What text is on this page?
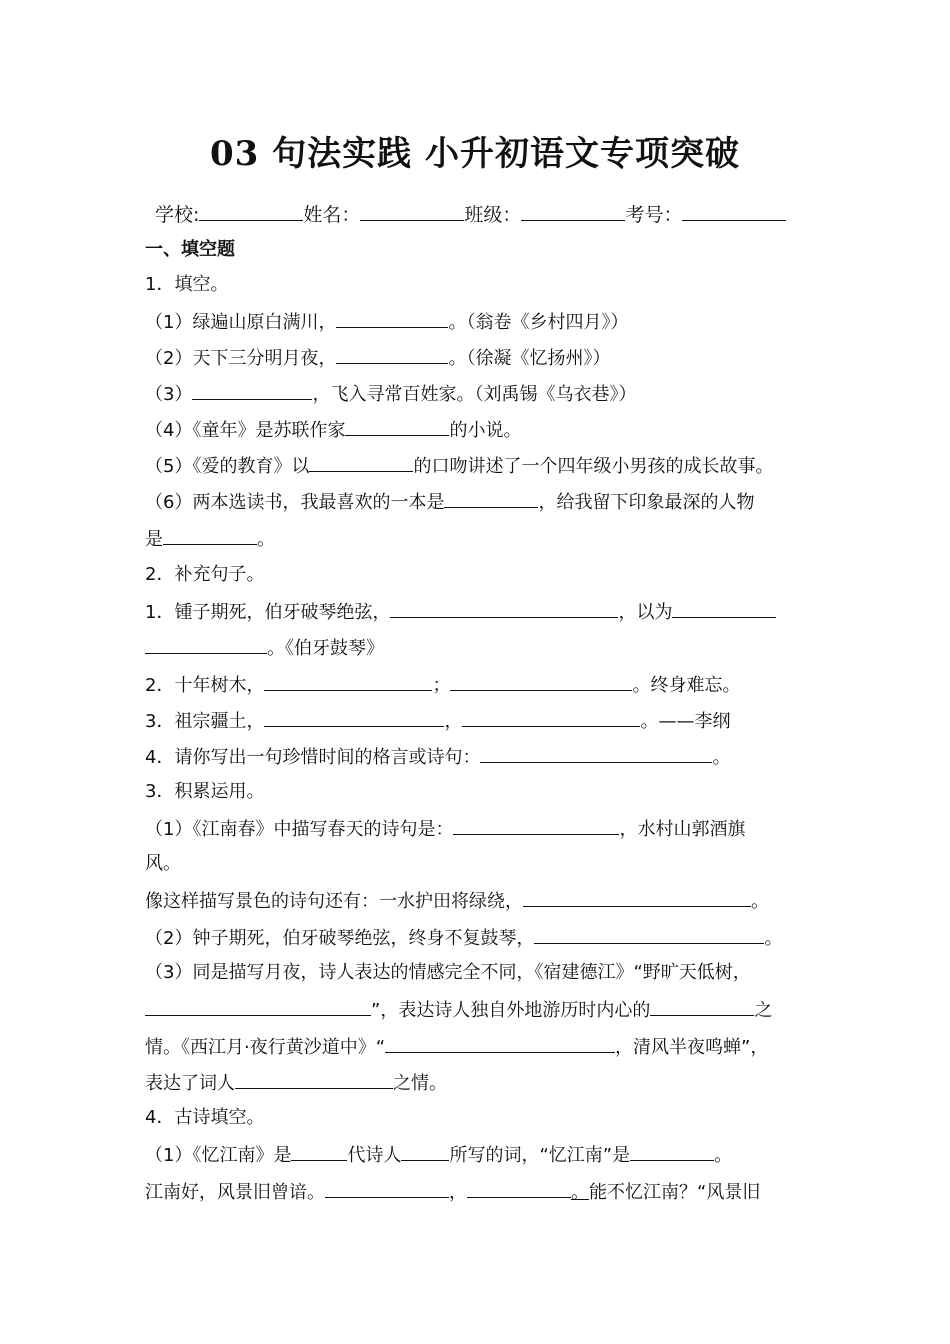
03 句法实践 小升初语文专项突破
学校:	姓名：	班级：	考号：
一、填空题
1．填空。
（1）绿遍山原白满川，	。（翁卷《乡村四月》）
（2）天下三分明月夜，	。（徐凝《忆扬州》）
（3）	，飞入寻常百姓家。（刘禹锡《乌衣巷》）
（4）《童年》是苏联作家	的小说。
（5）《爱的教育》以	的口吻讲述了一个四年级小男孩的成长故事。
（6）两本选读书，我最喜欢的一本是	，给我留下印象最深的人物
是	。
2．补充句子。
1．锺子期死，伯牙破琴绝弦，	，以为
。《伯牙鼓琴》
2．十年树木，	；	。终身难忘。
3．祖宗疆土，	，	。——李纲
4．请你写出一句珍惜时间的格言或诗句：	。
3．积累运用。
（1）《江南春》中描写春天的诗句是：	，水村山郭酒旗
风。
像这样描写景色的诗句还有：一水护田将绿绕，	。
（2）钟子期死，伯牙破琴绝弦，终身不复鼓琴，	。
（3）同是描写月夜，诗人表达的情感完全不同，《宿建德江》“野旷天低树，
”，表达诗人独自外地游历时内心的	之
情。《西江月·夜行黄沙道中》“	，清风半夜鸣蝉”，
表达了词人	之情。
4．古诗填空。
（1）《忆江南》是	代诗人	所写的词，“忆江南”是	。
江南好，风景旧曾谙。	，	。能不忆江南？“风景旧
